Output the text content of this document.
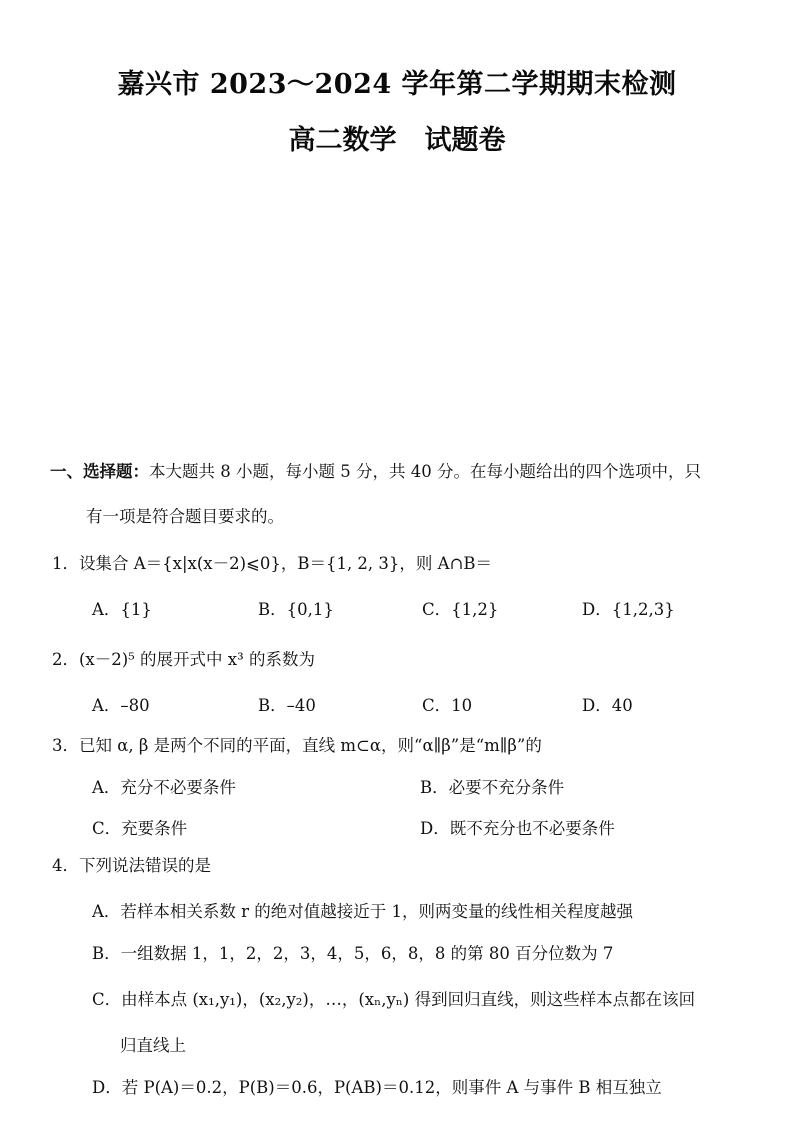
嘉兴市 2023～2024 学年第二学期期末检测
高二数学 试题卷
一、选择题：本大题共 8 小题，每小题 5 分，共 40 分。在每小题给出的四个选项中，只
有一项是符合题目要求的。
1．设集合 A＝{x|x(x－2)⩽0}，B＝{1, 2, 3}，则 A∩B＝
A．{1}	B．{0,1}	C．{1,2}	D．{1,2,3}
2．(x－2)⁵ 的展开式中 x³ 的系数为
A．–80	B．–40	C．10	D．40
3．已知 α, β 是两个不同的平面，直线 m⊂α，则“α∥β”是“m∥β”的
A．充分不必要条件	B．必要不充分条件
C．充要条件	D．既不充分也不必要条件
4．下列说法错误的是
A．若样本相关系数 r 的绝对值越接近于 1，则两变量的线性相关程度越强
B．一组数据 1，1，2，2，3，4，5，6，8，8 的第 80 百分位数为 7
C．由样本点 (x₁,y₁)，(x₂,y₂)，…，(xₙ,yₙ) 得到回归直线，则这些样本点都在该回
归直线上
D．若 P(A)＝0.2，P(B)＝0.6，P(AB)＝0.12，则事件 A 与事件 B 相互独立
